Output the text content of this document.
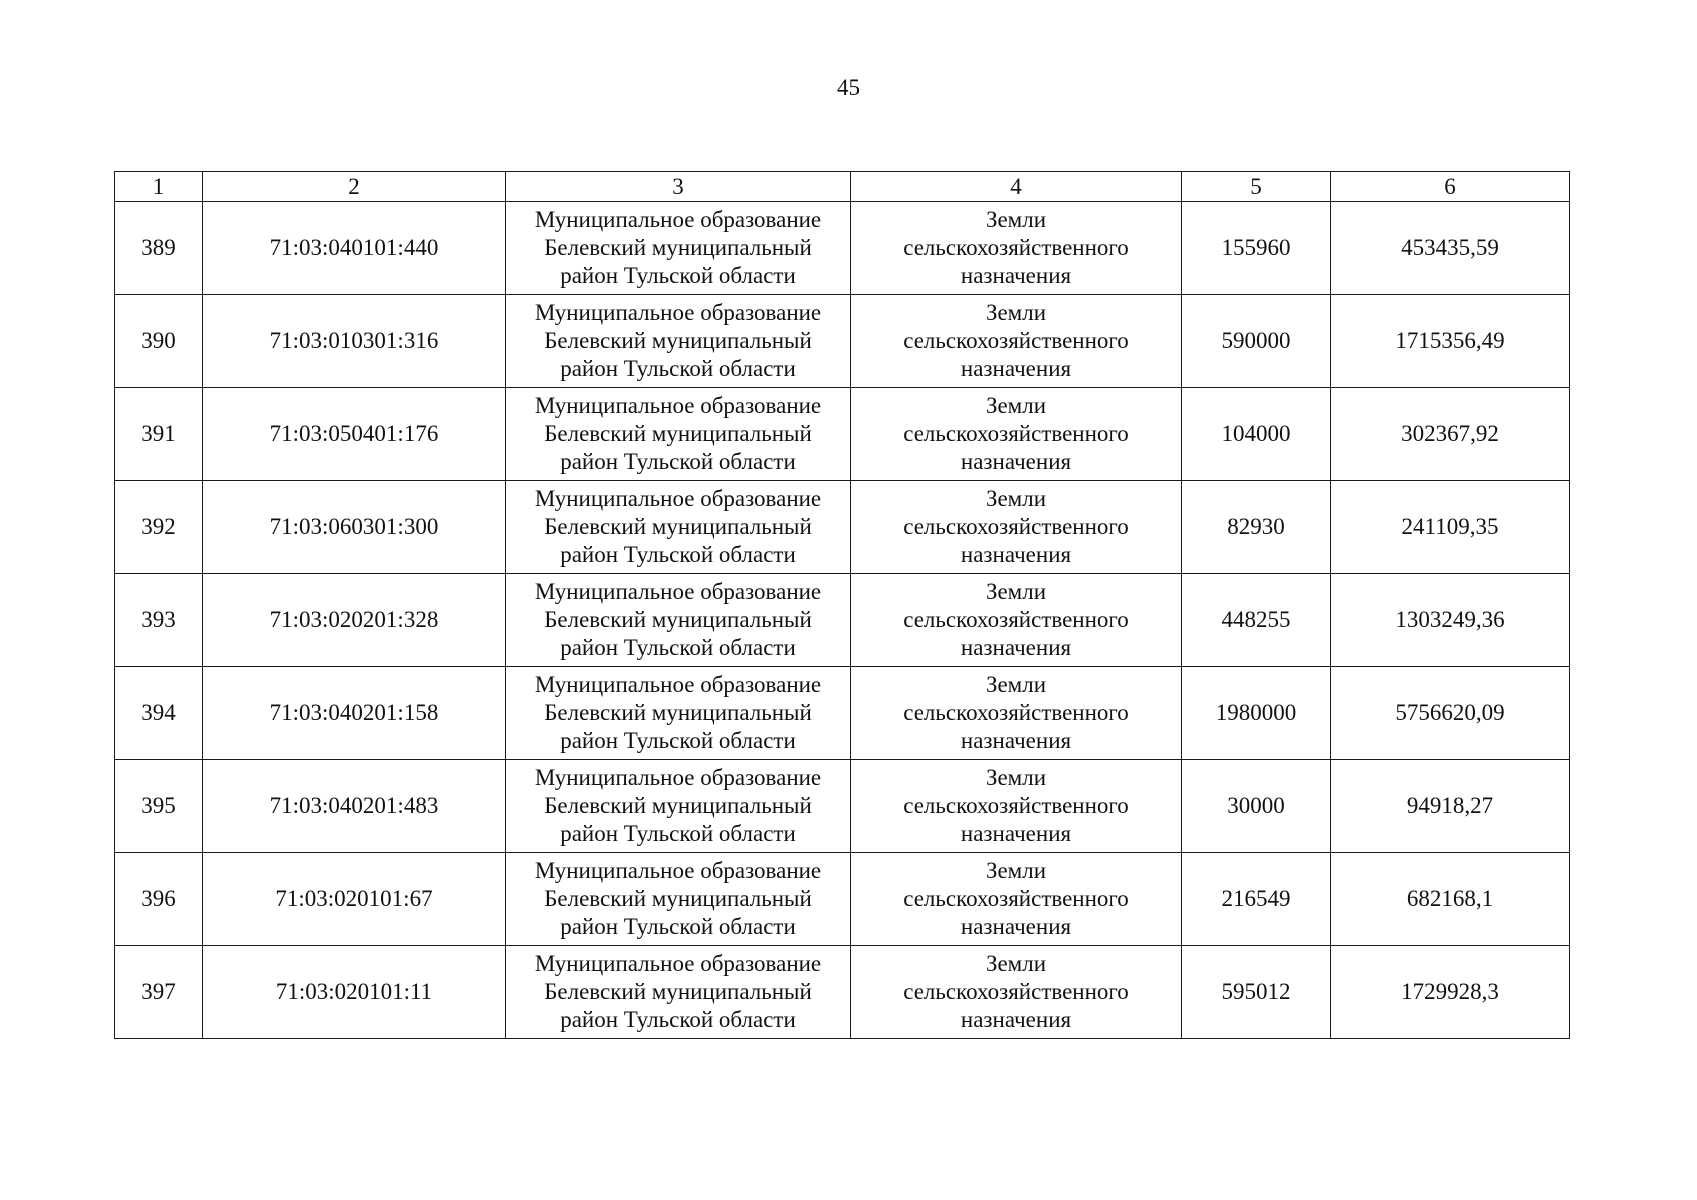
45
1	2	3	4	5	6
389	71:03:040101:440	Муниципальное образование
Белевский муниципальный
район Тульской области	Земли
сельскохозяйственного
назначения	155960	453435,59
390	71:03:010301:316	Муниципальное образование
Белевский муниципальный
район Тульской области	Земли
сельскохозяйственного
назначения	590000	1715356,49
391	71:03:050401:176	Муниципальное образование
Белевский муниципальный
район Тульской области	Земли
сельскохозяйственного
назначения	104000	302367,92
392	71:03:060301:300	Муниципальное образование
Белевский муниципальный
район Тульской области	Земли
сельскохозяйственного
назначения	82930	241109,35
393	71:03:020201:328	Муниципальное образование
Белевский муниципальный
район Тульской области	Земли
сельскохозяйственного
назначения	448255	1303249,36
394	71:03:040201:158	Муниципальное образование
Белевский муниципальный
район Тульской области	Земли
сельскохозяйственного
назначения	1980000	5756620,09
395	71:03:040201:483	Муниципальное образование
Белевский муниципальный
район Тульской области	Земли
сельскохозяйственного
назначения	30000	94918,27
396	71:03:020101:67	Муниципальное образование
Белевский муниципальный
район Тульской области	Земли
сельскохозяйственного
назначения	216549	682168,1
397	71:03:020101:11	Муниципальное образование
Белевский муниципальный
район Тульской области	Земли
сельскохозяйственного
назначения	595012	1729928,3
